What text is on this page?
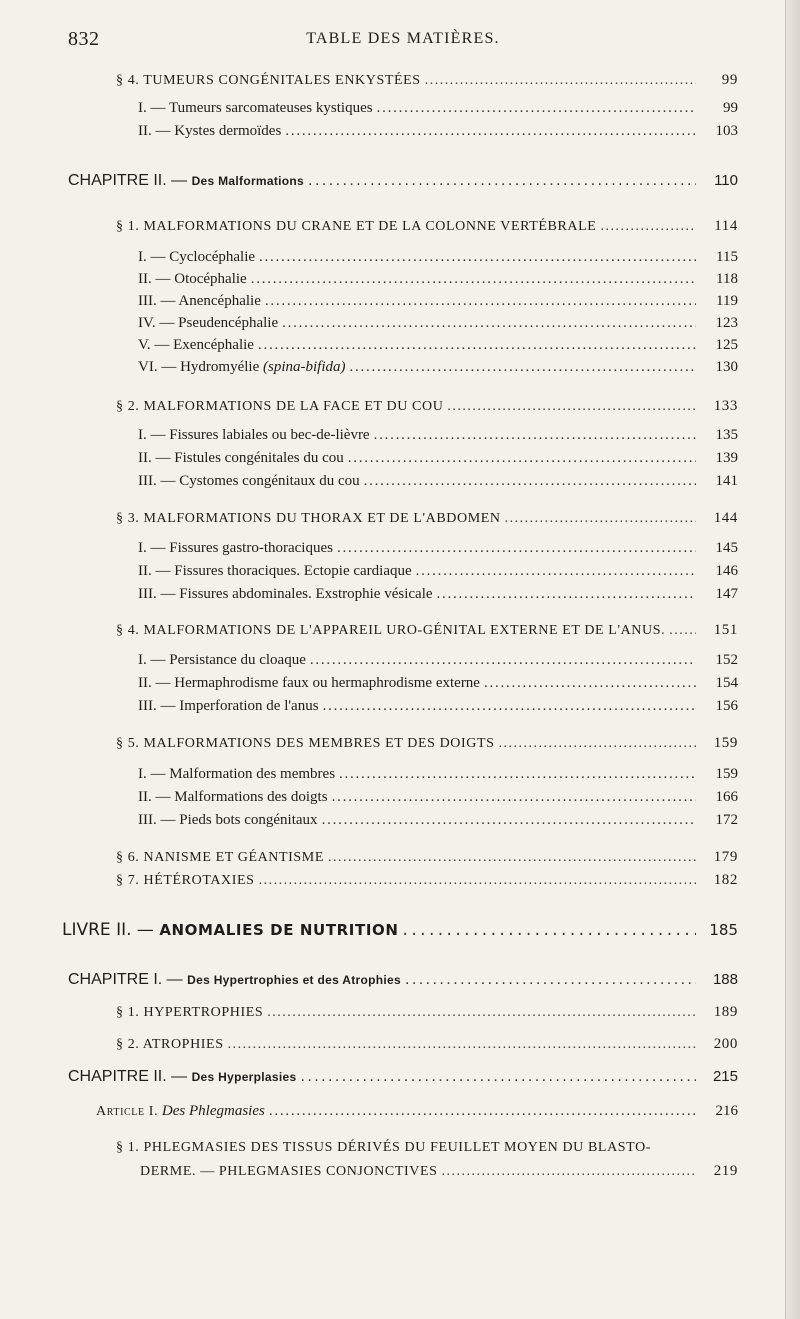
832	TABLE DES MATIÈRES.
§ 4. TUMEURS CONGÉNITALES ENKYSTÉES . . .	99
I. — Tumeurs sarcomateuses kystiques . . .	99
II. — Kystes dermoïdes . . .	103
CHAPITRE II. — Des Malformations . . .	110
§ 1. MALFORMATIONS DU CRANE ET DE LA COLONNE VERTÉBRALE . . .	114
I. — Cyclocéphalie . . .	115
II. — Otocéphalie . . .	118
III. — Anencéphalie . . .	119
IV. — Pseudencéphalie . . .	123
V. — Exencéphalie . . .	125
VI. — Hydromyélie (spina-bifida) . . .	130
§ 2. MALFORMATIONS DE LA FACE ET DU COU . . .	133
I. — Fissures labiales ou bec-de-lièvre . . .	135
II. — Fistules congénitales du cou . . .	139
III. — Cystomes congénitaux du cou . . .	141
§ 3. MALFORMATIONS DU THORAX ET DE L'ABDOMEN . . .	144
I. — Fissures gastro-thoraciques . . .	145
II. — Fissures thoraciques. Ectopie cardiaque . . .	146
III. — Fissures abdominales. Exstrophie vésicale . . .	147
§ 4. MALFORMATIONS DE L'APPAREIL URO-GÉNITAL EXTERNE ET DE L'ANUS. . . .	151
I. — Persistance du cloaque . . .	152
II. — Hermaphrodisme faux ou hermaphrodisme externe . . .	154
III. — Imperforation de l'anus . . .	156
§ 5. MALFORMATIONS DES MEMBRES ET DES DOIGTS . . .	159
I. — Malformation des membres . . .	159
II. — Malformations des doigts . . .	166
III. — Pieds bots congénitaux . . .	172
§ 6. NANISME ET GÉANTISME . . .	179
§ 7. HÉTÉROTAXIES . . .	182
LIVRE II. — ANOMALIES DE NUTRITION . . .	185
CHAPITRE I. — Des Hypertrophies et des Atrophies . . .	188
§ 1. HYPERTROPHIES . . .	189
§ 2. ATROPHIES . . .	200
CHAPITRE II. — Des Hyperplasies . . .	215
Article I. Des Phlegmasies . . .	216
§ 1. PHLEGMASIES DES TISSUS DÉRIVÉS DU FEUILLET MOYEN DU BLASTO-
DERME. — PHLEGMASIES CONJONCTIVES . . .	219
